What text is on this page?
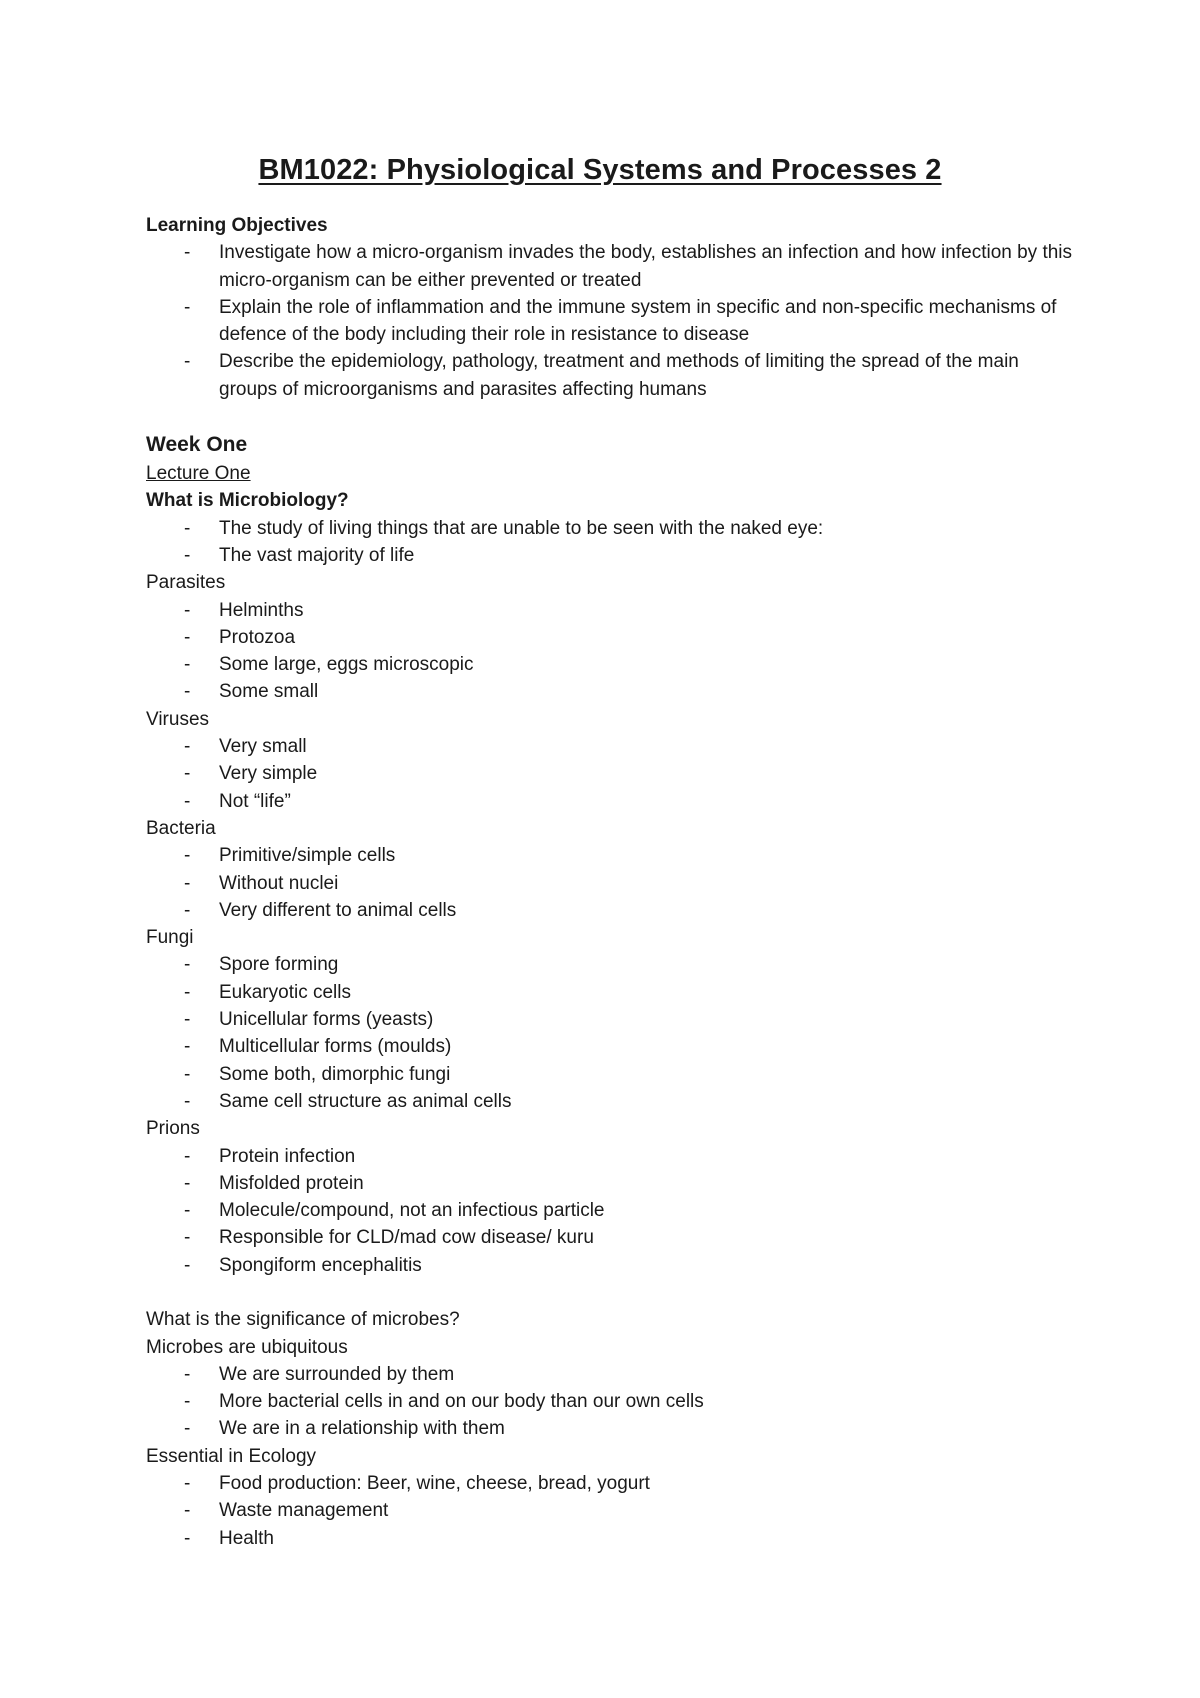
BM1022: Physiological Systems and Processes 2
Learning Objectives
- Investigate how a micro-organism invades the body, establishes an infection and how infection by this micro-organism can be either prevented or treated
- Explain the role of inflammation and the immune system in specific and non-specific mechanisms of defence of the body including their role in resistance to disease
- Describe the epidemiology, pathology, treatment and methods of limiting the spread of the main groups of microorganisms and parasites affecting humans
Week One
Lecture One
What is Microbiology?
- The study of living things that are unable to be seen with the naked eye:
- The vast majority of life
Parasites
- Helminths
- Protozoa
- Some large, eggs microscopic
- Some small
Viruses
- Very small
- Very simple
- Not “life”
Bacteria
- Primitive/simple cells
- Without nuclei
- Very different to animal cells
Fungi
- Spore forming
- Eukaryotic cells
- Unicellular forms (yeasts)
- Multicellular forms (moulds)
- Some both, dimorphic fungi
- Same cell structure as animal cells
Prions
- Protein infection
- Misfolded protein
- Molecule/compound, not an infectious particle
- Responsible for CLD/mad cow disease/ kuru
- Spongiform encephalitis
What is the significance of microbes?
Microbes are ubiquitous
- We are surrounded by them
- More bacterial cells in and on our body than our own cells
- We are in a relationship with them
Essential in Ecology
- Food production: Beer, wine, cheese, bread, yogurt
- Waste management
- Health
